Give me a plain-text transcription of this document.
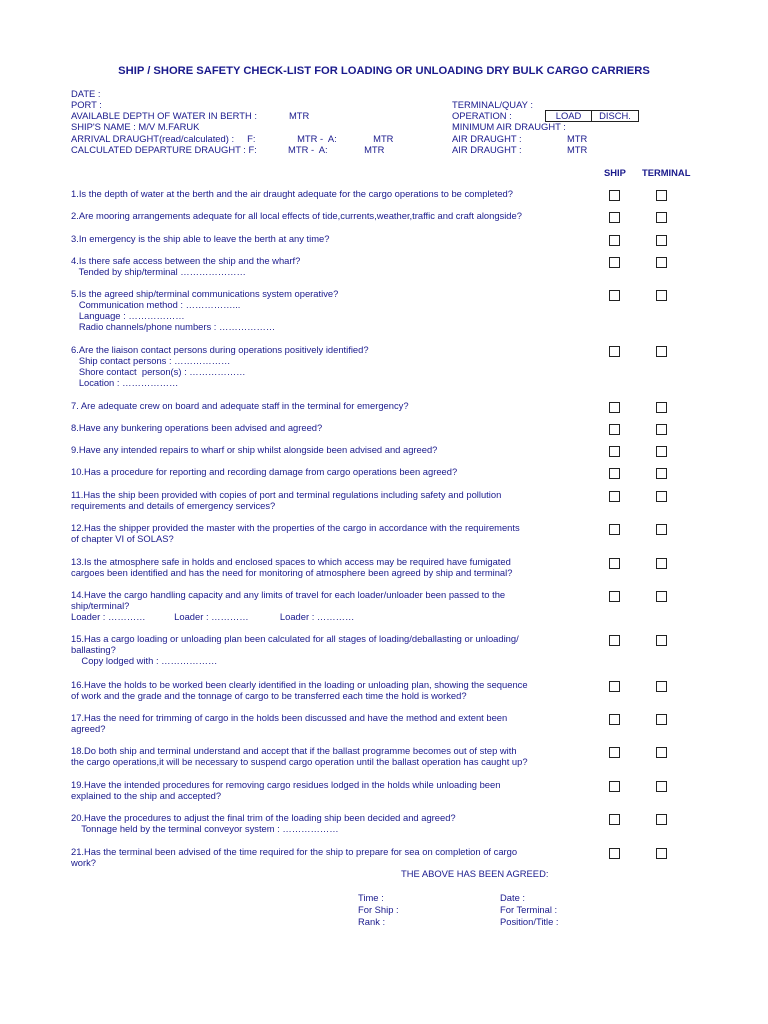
SHIP / SHORE SAFETY CHECK-LIST FOR LOADING OR UNLOADING DRY BULK CARGO CARRIERS
DATE :
PORT :
AVAILABLE DEPTH OF WATER IN BERTH :	MTR
SHIP'S NAME : M/V M.FARUK
ARRIVAL DRAUGHT(read/calculated) :     F:                MTR -  A:              MTR
CALCULATED DEPARTURE DRAUGHT : F:            MTR -  A:              MTR
TERMINAL/QUAY :
OPERATION :	LOAD	DISCH.
MINIMUM AIR DRAUGHT :
AIR DRAUGHT :	MTR
AIR DRAUGHT :	MTR
SHIP TERMINAL
1.Is the depth of water at the berth and the air draught adequate for the cargo operations to be completed?
2.Are mooring arrangements adequate for all local effects of tide,currents,weather,traffic and craft alongside?
3.In emergency is the ship able to leave the berth at any time?
4.Is there safe access between the ship and the wharf?
Tended by ship/terminal …………………
5.Is the agreed ship/terminal communications system operative?
Communication method : ……………...
Language : ………………
Radio channels/phone numbers : ………………
6.Are the liaison contact persons during operations positively identified?
Ship contact persons : ………………
Shore contact  person(s) : ………………
Location : ………………
7. Are adequate crew on board and adequate staff in the terminal for emergency?
8.Have any bunkering operations been advised and agreed?
9.Have any intended repairs to wharf or ship whilst alongside been advised and agreed?
10.Has a procedure for reporting and recording damage from cargo operations been agreed?
11.Has the ship been provided with copies of port and terminal regulations including safety and pollution
requirements and details of emergency services?
12.Has the shipper provided the master with the properties of the cargo in accordance with the requirements
of chapter VI of SOLAS?
13.Is the atmosphere safe in holds and enclosed spaces to which access may be required have fumigated
cargoes been identified and has the need for monitoring of atmosphere been agreed by ship and terminal?
14.Have the cargo handling capacity and any limits of travel for each loader/unloader been passed to the
ship/terminal?
Loader : …………           Loader : …………            Loader : …………
15.Has a cargo loading or unloading plan been calculated for all stages of loading/deballasting or unloading/
ballasting?
Copy lodged with : ………………
16.Have the holds to be worked been clearly identified in the loading or unloading plan, showing the sequence
of work and the grade and the tonnage of cargo to be transferred each time the hold is worked?
17.Has the need for trimming of cargo in the holds been discussed and have the method and extent been
agreed?
18.Do both ship and terminal understand and accept that if the ballast programme becomes out of step with
the cargo operations,it will be necessary to suspend cargo operation until the ballast operation has caught up?
19.Have the intended procedures for removing cargo residues lodged in the holds while unloading been
explained to the ship and accepted?
20.Have the procedures to adjust the final trim of the loading ship been decided and agreed?
Tonnage held by the terminal conveyor system : ………………
21.Has the terminal been advised of the time required for the ship to prepare for sea on completion of cargo
work?
THE ABOVE HAS BEEN AGREED:
Time :
For Ship :
Rank :
Date :
For Terminal :
Position/Title :
